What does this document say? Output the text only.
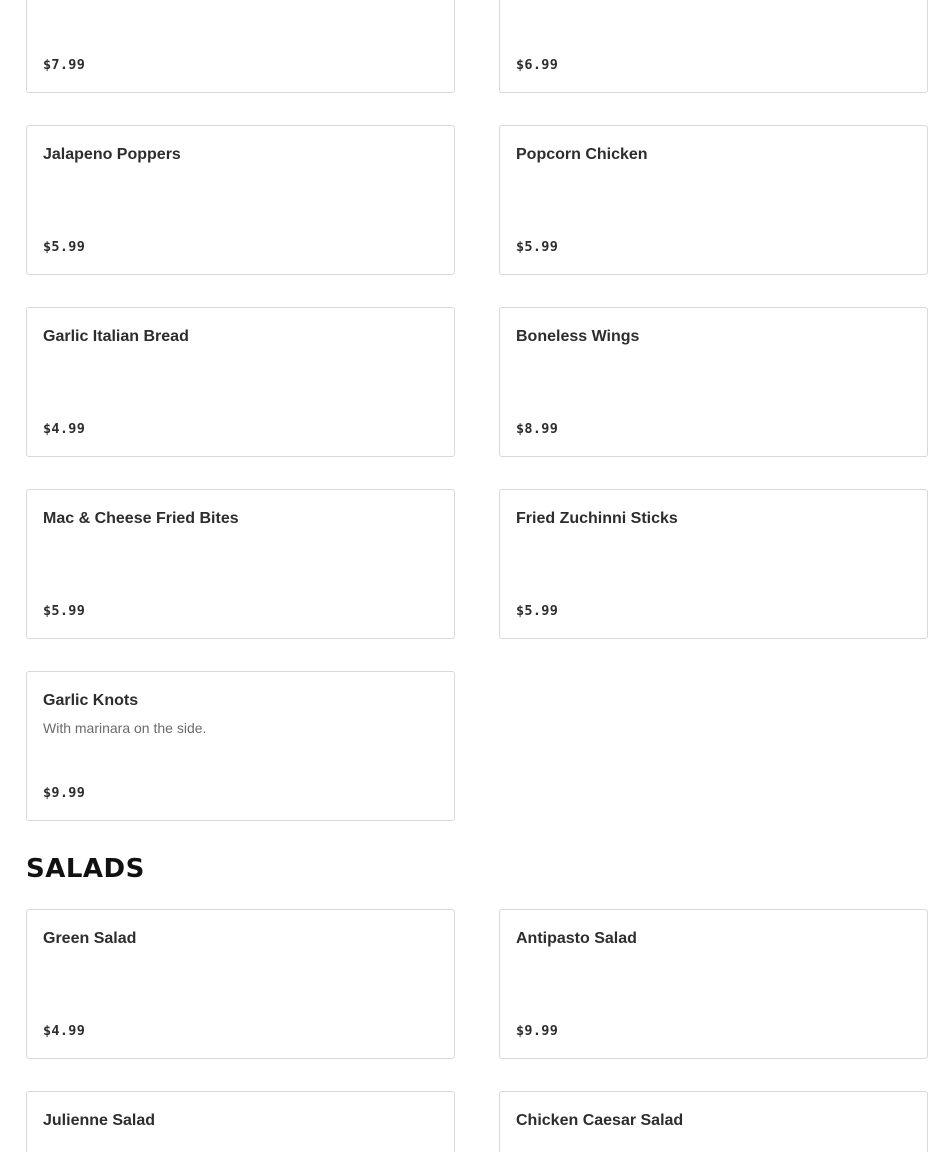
$7.99	$6.99
Jalapeno Poppers
$5.99
Popcorn Chicken
$5.99
Garlic Italian Bread
$4.99
Boneless Wings
$8.99
Mac & Cheese Fried Bites
$5.99
Fried Zuchinni Sticks
$5.99
Garlic Knots
With marinara on the side.
$9.99
SALADS
Green Salad
$4.99
Antipasto Salad
$9.99
Julienne Salad	Chicken Caesar Salad
